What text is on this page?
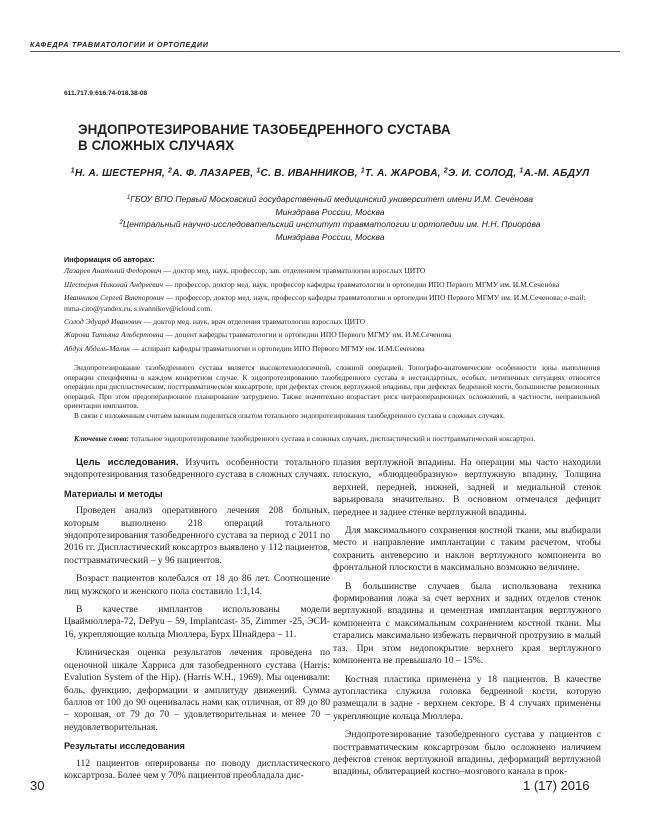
КАФЕДРА ТРАВМАТОЛОГИИ И ОРТОПЕДИИ
611.717.9:616.74-018.38-08
ЭНДОПРОТЕЗИРОВАНИЕ ТАЗОБЕДРЕННОГО СУСТАВА
В СЛОЖНЫХ СЛУЧАЯХ
$^1$Н. А. ШЕСТЕРНЯ, $^2$А. Ф. ЛАЗАРЕВ, $^1$С. В. ИВАННИКОВ, $^1$Т. А. ЖАРОВА, $^2$Э. И. СОЛОД, $^1$А.-М. АБДУЛ
$^1$ГБОУ ВПО Первый Московский государственный медицинский университет имени И.М. Сеченова
Минздрава России, Москва
$^2$Центральный научно-исследовательский институт травматологии и ортопедии им. Н.Н. Приорова
Минздрава России, Москва
Информация об авторах:
Лазарев Анатолий Федорович — доктор мед. наук, профессор, зав. отделением травматологии взрослых ЦИТО
Шестерня Николай Андреевич — профессор, доктор мед. наук, профессор кафедры травматологии и ортопедии ИПО Первого МГМУ им. И.М.Сеченова
Иванников Сергей Викторович — профессор, доктор мед. наук, профессор кафедры травматологии и ортопедии ИПО Первого МГМУ им. И.М.Сеченова; e-mail: mma-cito@yandex.ru, s.ivannikov@icloud.com.
Солод Эдуард Иванович — доктор мед. наук, врач отделения травматологии взрослых ЦИТО
Жарова Татьяна Альбертовна — доцент кафедры травматологии и ортопедии ИПО Первого МГМУ им. И.М.Сеченова
Абдул Абдель-Малик — аспирант кафедры травматологии и ортопедии ИПО Первого МГМУ им. И.М.Сеченова

Эндопротезирование тазобедренного сустава является высокотехнологичной, сложной операцией. Топографо-анатомические особенности зоны выполнения операции специфичны в каждом конкретном случае. К эндопротезированию тазобедренного сустава в нестандартных, особых, нетипичных ситуациях относятся операции при диспластическом, посттравматическом коксартрозе, при дефектах стенок вертлужной впадины, при дефектах бедренной кости, большинстве ревизионных операций. При этом предоперационное планирование затруднено. Также значительно возрастает риск интраоперационных осложнений, в частности, неправильной ориентации имплантов.

В связи с изложенным считаем важным поделиться опытом тотального эндопротезирования тазобедренного сустава в сложных случаях.

Ключевые слова: тотальное эндопротезирование тазобедренного сустава в сложных случаях, диспластический и посттравматический коксартроз.

Цель исследования. Изучить особенности тотального эндопротезирования тазобедренного сустава в сложных случаях.

Материалы и методы

Проведен анализ оперативного лечения 208 больных, которым выполнено 218 операций тотального эндопротезирования тазобедренного сустава за период с 2011 по 2016 гг. Диспластический коксартроз выявлено у 112 пациентов, посттравматический – у 96 пациентов.

Возраст пациентов колебался от 18 до 86 лет. Соотношение лиц мужского и женского пола составило 1:1,14.

В качестве имплантов использованы модели Цваймюллера-72, DePyu – 59, Implantcast- 35, Zimmer -25, ЭСИ- 16, укрепляющие кольца Мюллера, Бурх Шнайдера – 11.

Клиническая оценка результатов лечения проведена по оценочной шкале Харриса для тазобедренного сустава (Harris: Evalution System of the Hip). (Harris W.H., 1969). Мы оценивали: боль, функцию, деформации и амплитуду движений. Сумма баллов от 100 до 90 оценивалась нами как отличная, от 89 до 80 – хорошая, от 79 до 70 – удовлетворительная и менее 70 – неудовлетворительная.

Результаты исследования

112 пациентов оперированы по поводу диспластического коксартроза. Более чем у 70% пациентов преобладала дис-

плазия вертлужной впадины. На операции мы часто находили плоскую, «блюдцеобразную» вертлужную впадину. Толщина верхней, передней, нижней, задней и медиальной стенок варьировала значительно. В основном отмечался дефицит переднее и заднее стенке вертлужной впадины.

Для максимального сохранения костной ткани, мы выбирали место и направление имплантации с таким расчетом, чтобы сохранить антеверсию и наклон вертлужного компонента во фронтальной плоскости в максимально возможно величине.

В большинстве случаев была использована техника формирования ложа за счет верхних и задних отделов стенок вертлужной впадины и цементная имплантация вертлужного компонента с максимальным сохранением костной ткани. Мы старались максимально избежать первичной протрузию в малый таз. При этом недопокрытие верхнего края вертлужного компонента не превышало 10 – 15%.

Костная пластика применена у 18 пациентов. В качестве аутопластика служила головка бедренной кости, которую размещали в задне - верхнем секторе. В 4 случаях применены укрепляющие кольца Мюллера.

Эндопротезирование тазобедренного сустава у пациентов с посттравматическим коксартрозом было осложнено наличием дефектов стенок вертлужной впадины, деформаций вертлужной впадины, облитерацией костно–мозгового канала в прок-

30	1 (17) 2016
